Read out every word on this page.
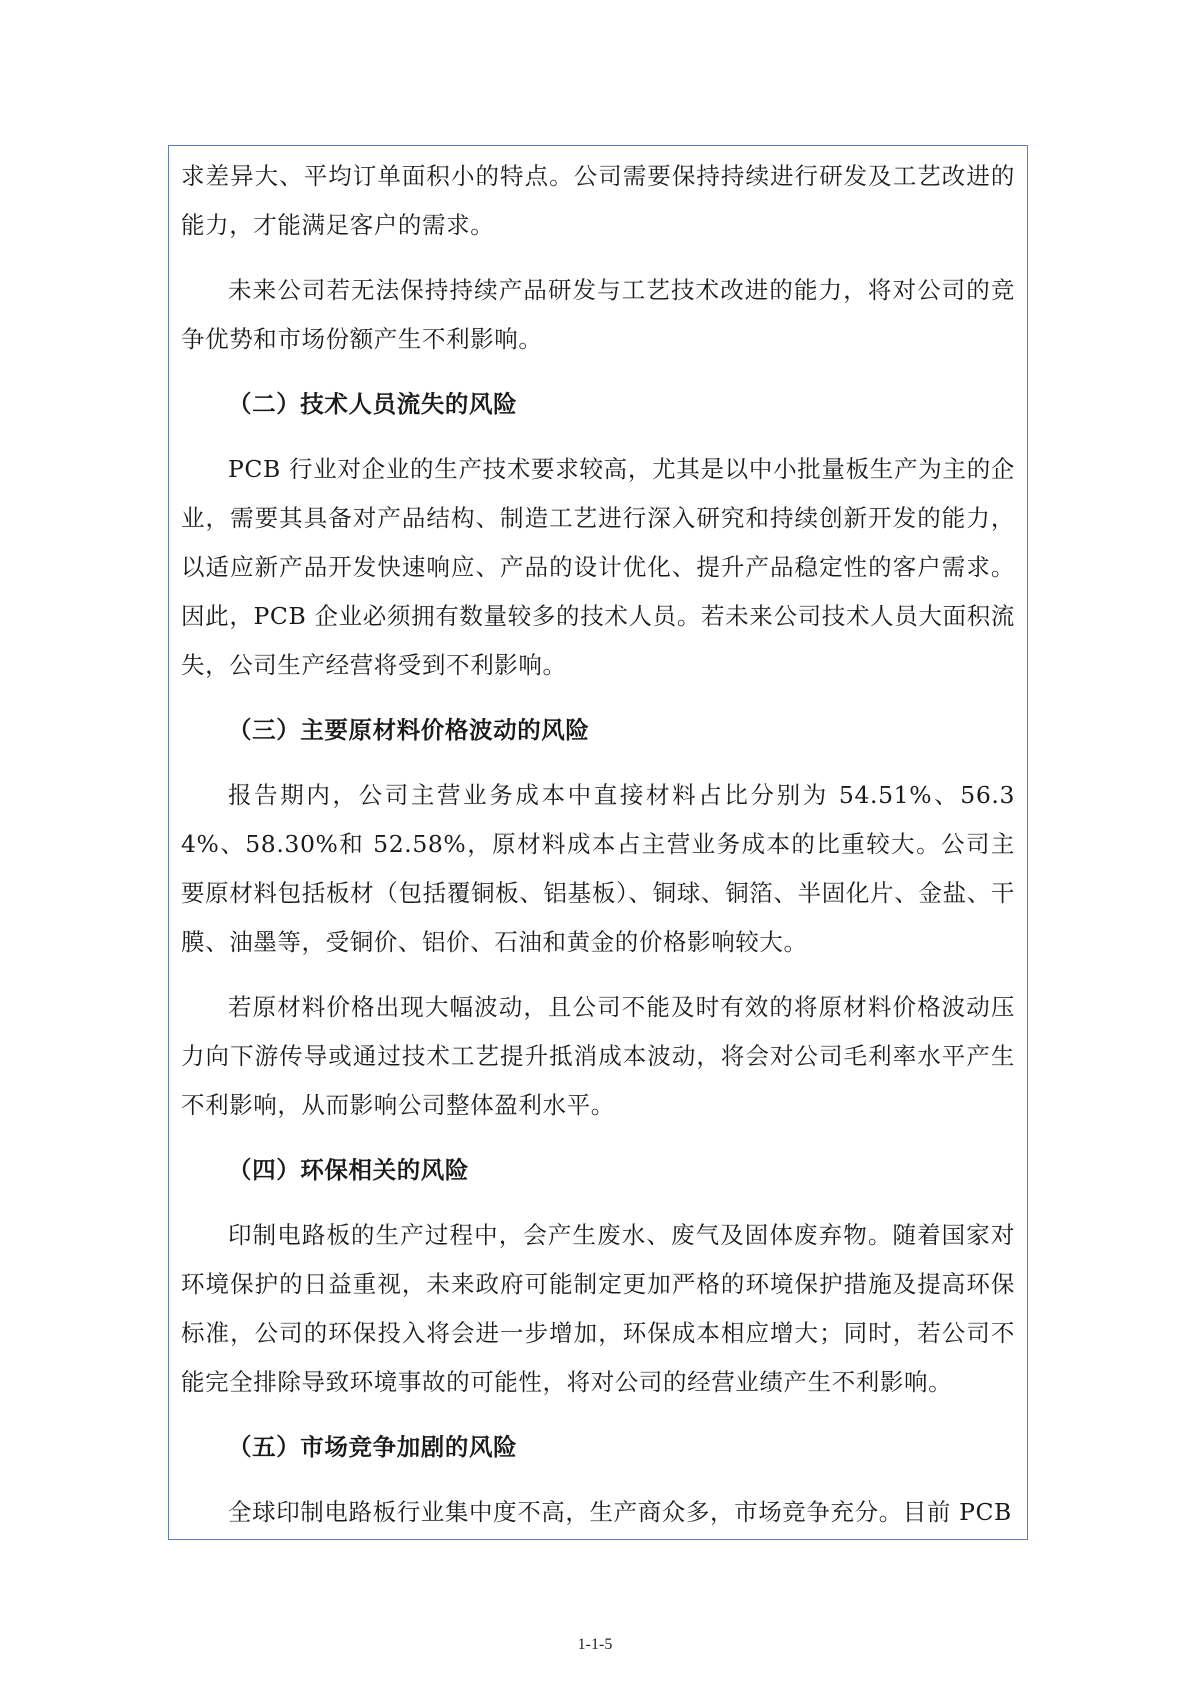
求差异大、平均订单面积小的特点。公司需要保持持续进行研发及工艺改进的能力，才能满足客户的需求。

未来公司若无法保持持续产品研发与工艺技术改进的能力，将对公司的竞争优势和市场份额产生不利影响。

（二）技术人员流失的风险

PCB 行业对企业的生产技术要求较高，尤其是以中小批量板生产为主的企业，需要其具备对产品结构、制造工艺进行深入研究和持续创新开发的能力，以适应新产品开发快速响应、产品的设计优化、提升产品稳定性的客户需求。因此，PCB 企业必须拥有数量较多的技术人员。若未来公司技术人员大面积流失，公司生产经营将受到不利影响。

（三）主要原材料价格波动的风险

报告期内，公司主营业务成本中直接材料占比分别为 54.51%、56.34%、58.30%和 52.58%，原材料成本占主营业务成本的比重较大。公司主要原材料包括板材（包括覆铜板、铝基板）、铜球、铜箔、半固化片、金盐、干膜、油墨等，受铜价、铝价、石油和黄金的价格影响较大。

若原材料价格出现大幅波动，且公司不能及时有效的将原材料价格波动压力向下游传导或通过技术工艺提升抵消成本波动，将会对公司毛利率水平产生不利影响，从而影响公司整体盈利水平。

（四）环保相关的风险

印制电路板的生产过程中，会产生废水、废气及固体废弃物。随着国家对环境保护的日益重视，未来政府可能制定更加严格的环境保护措施及提高环保标准，公司的环保投入将会进一步增加，环保成本相应增大；同时，若公司不能完全排除导致环境事故的可能性，将对公司的经营业绩产生不利影响。

（五）市场竞争加剧的风险

全球印制电路板行业集中度不高，生产商众多，市场竞争充分。目前 PCB

1-1-5
